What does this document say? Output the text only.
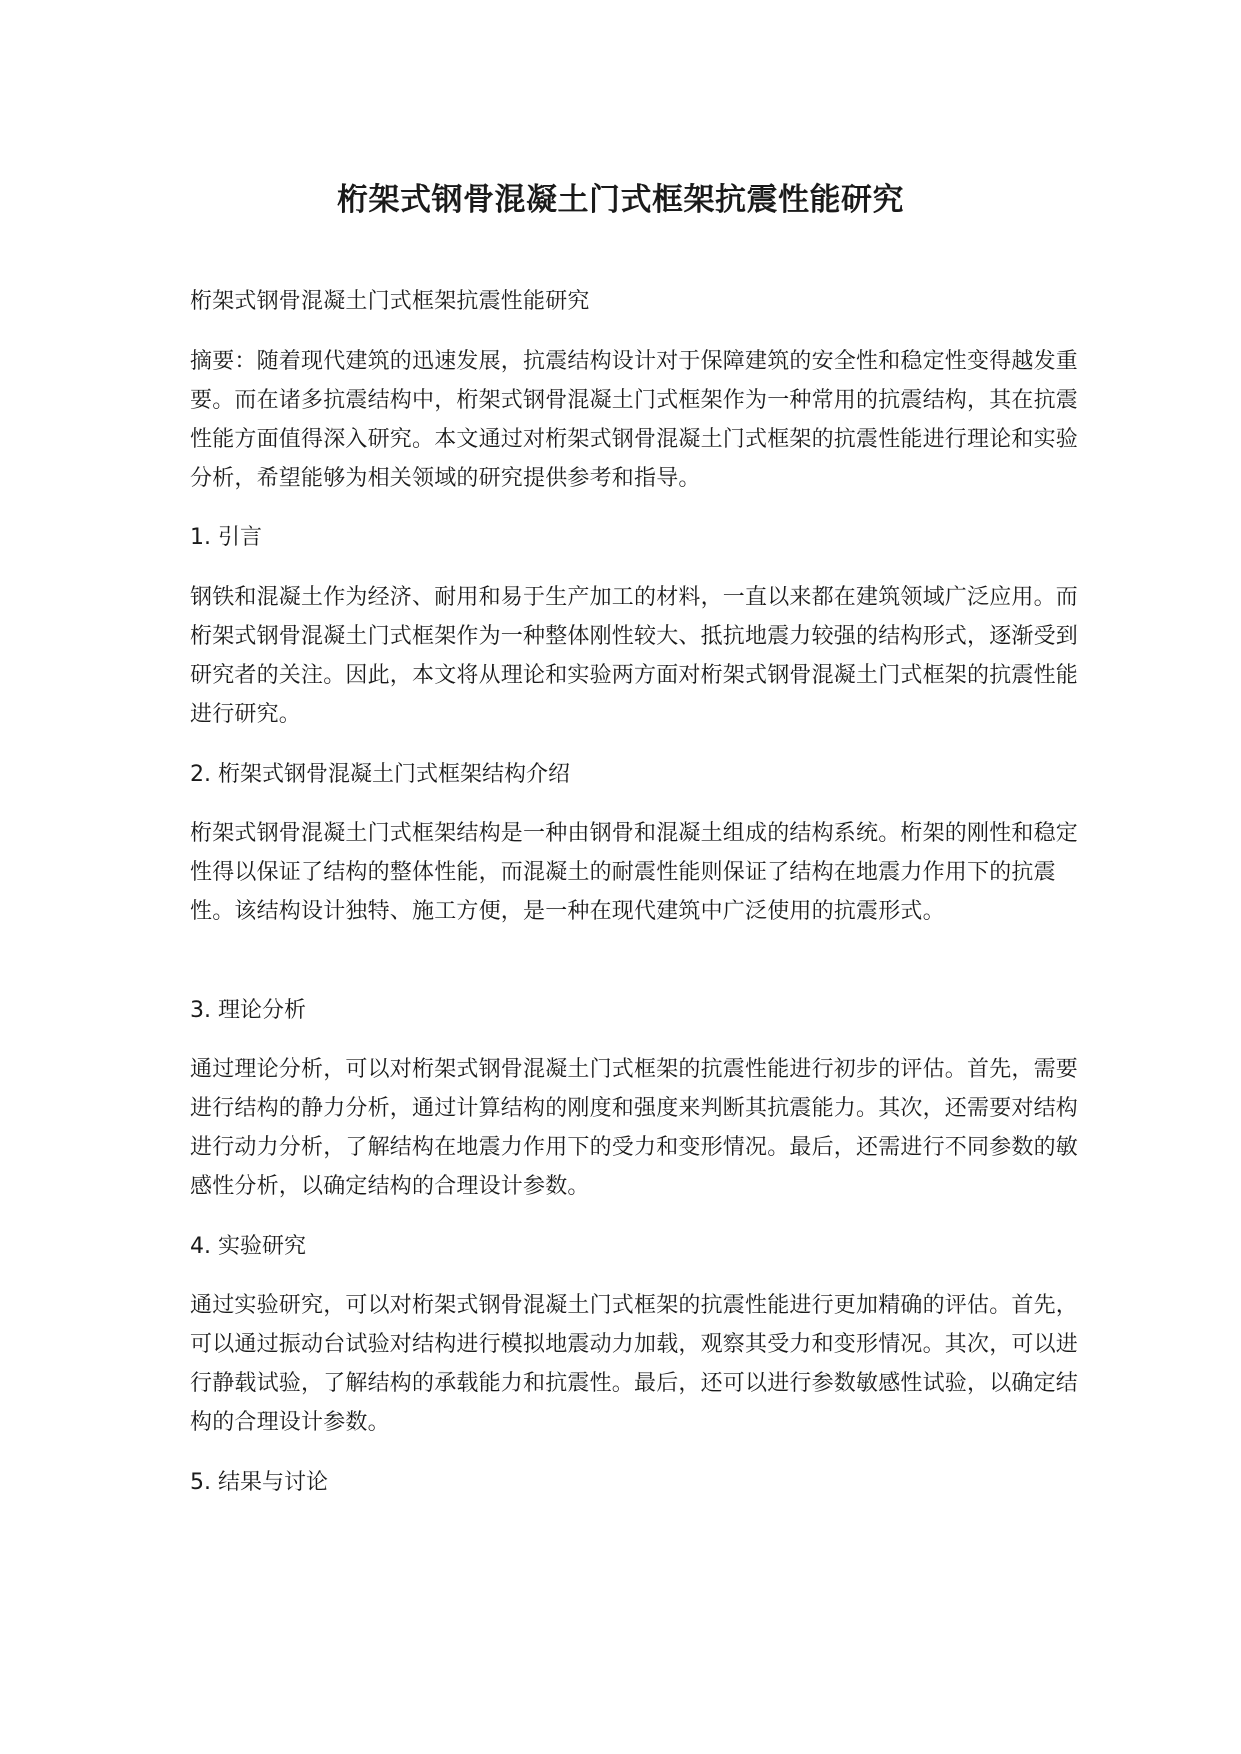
桁架式钢骨混凝土门式框架抗震性能研究

桁架式钢骨混凝土门式框架抗震性能研究

摘要：随着现代建筑的迅速发展，抗震结构设计对于保障建筑的安全性和稳定性变得越发重要。而在诸多抗震结构中，桁架式钢骨混凝土门式框架作为一种常用的抗震结构，其在抗震性能方面值得深入研究。本文通过对桁架式钢骨混凝土门式框架的抗震性能进行理论和实验分析，希望能够为相关领域的研究提供参考和指导。

1. 引言

钢铁和混凝土作为经济、耐用和易于生产加工的材料，一直以来都在建筑领域广泛应用。而桁架式钢骨混凝土门式框架作为一种整体刚性较大、抵抗地震力较强的结构形式，逐渐受到研究者的关注。因此，本文将从理论和实验两方面对桁架式钢骨混凝土门式框架的抗震性能进行研究。

2. 桁架式钢骨混凝土门式框架结构介绍

桁架式钢骨混凝土门式框架结构是一种由钢骨和混凝土组成的结构系统。桁架的刚性和稳定性得以保证了结构的整体性能，而混凝土的耐震性能则保证了结构在地震力作用下的抗震性。该结构设计独特、施工方便，是一种在现代建筑中广泛使用的抗震形式。

3. 理论分析

通过理论分析，可以对桁架式钢骨混凝土门式框架的抗震性能进行初步的评估。首先，需要进行结构的静力分析，通过计算结构的刚度和强度来判断其抗震能力。其次，还需要对结构进行动力分析，了解结构在地震力作用下的受力和变形情况。最后，还需进行不同参数的敏感性分析，以确定结构的合理设计参数。

4. 实验研究

通过实验研究，可以对桁架式钢骨混凝土门式框架的抗震性能进行更加精确的评估。首先，可以通过振动台试验对结构进行模拟地震动力加载，观察其受力和变形情况。其次，可以进行静载试验，了解结构的承载能力和抗震性。最后，还可以进行参数敏感性试验，以确定结构的合理设计参数。

5. 结果与讨论
